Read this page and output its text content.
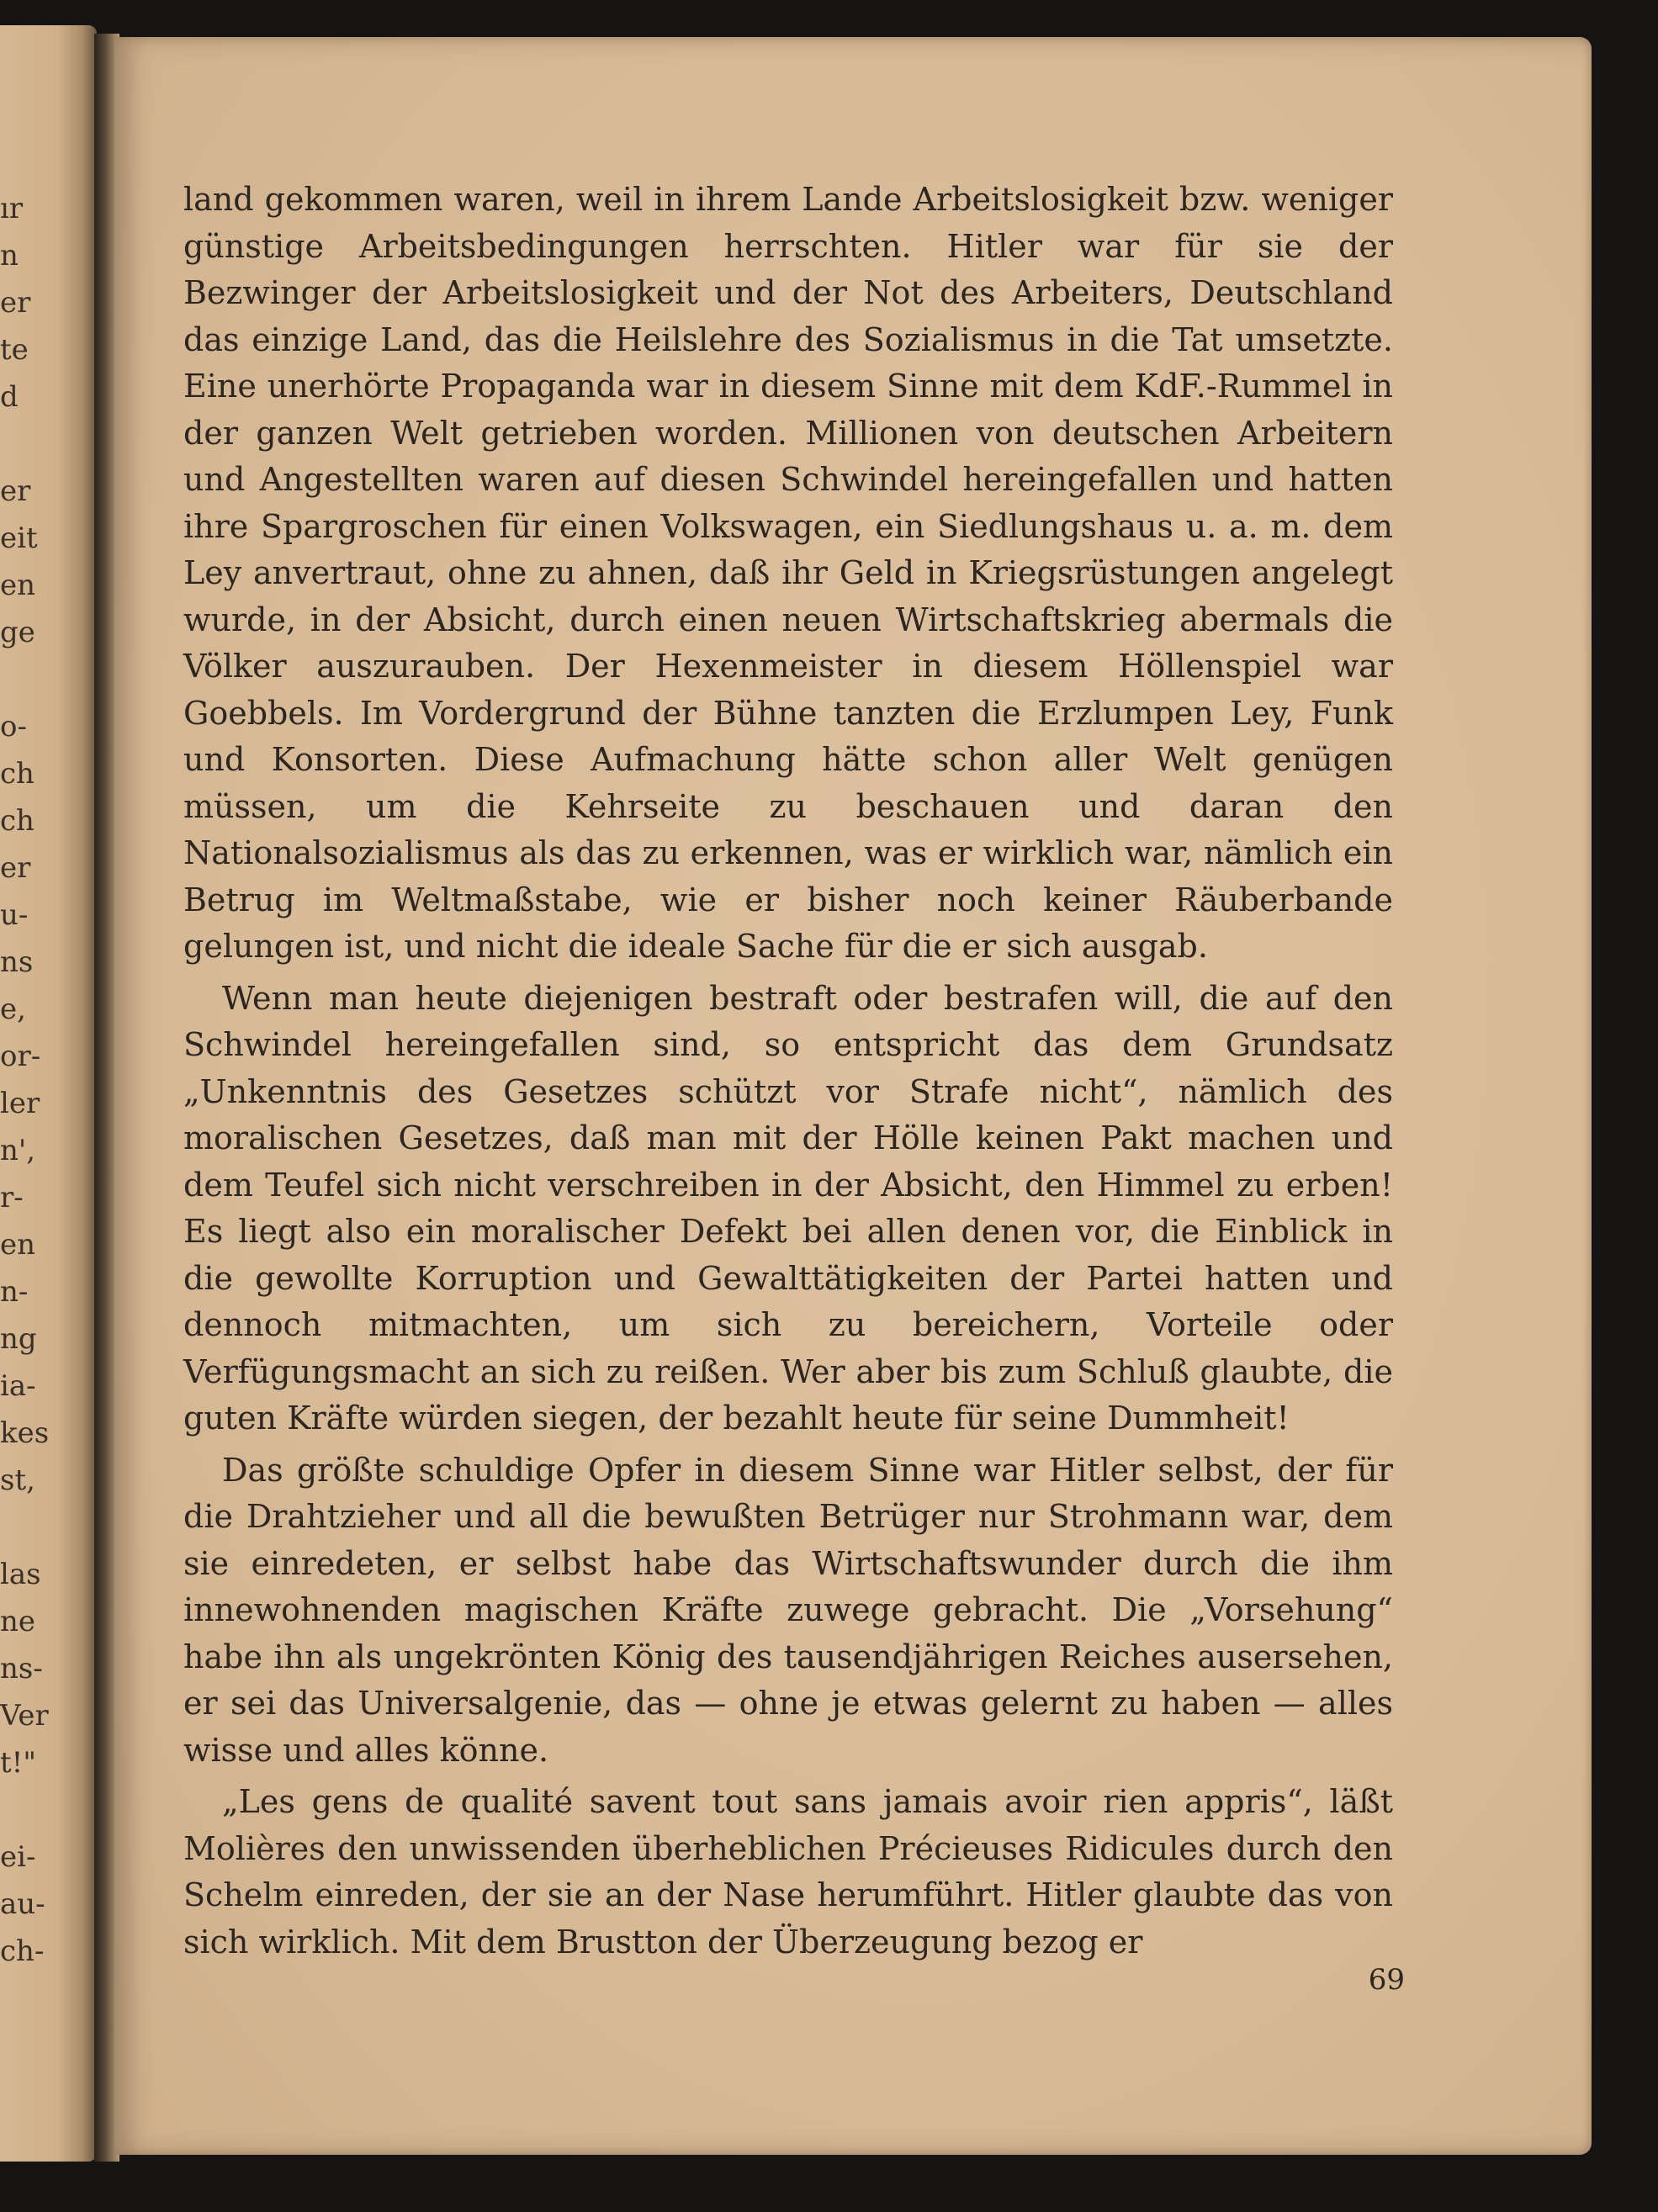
ır
n
er
te
d
er
eit
en
ge
o-
ch
ch
er
u-
ns
e,
or-
ler
n',
r-
en
n-
ng
ia-
kes
st,
las
ne
ns-
Ver
t!"
ei-
au-
ch-

land gekommen waren, weil in ihrem Lande Arbeitslosigkeit bzw. weniger günstige Arbeitsbedingungen herrschten. Hitler war für sie der Bezwinger der Arbeitslosigkeit und der Not des Arbeiters, Deutschland das einzige Land, das die Heilslehre des Sozialismus in die Tat umsetzte. Eine unerhörte Propaganda war in diesem Sinne mit dem KdF.-Rummel in der ganzen Welt getrieben worden. Millionen von deutschen Arbeitern und Angestellten waren auf diesen Schwindel hereingefallen und hatten ihre Spargroschen für einen Volkswagen, ein Siedlungshaus u. a. m. dem Ley anvertraut, ohne zu ahnen, daß ihr Geld in Kriegsrüstungen angelegt wurde, in der Absicht, durch einen neuen Wirtschaftskrieg abermals die Völker auszurauben. Der Hexenmeister in diesem Höllenspiel war Goebbels. Im Vordergrund der Bühne tanzten die Erzlumpen Ley, Funk und Konsorten. Diese Aufmachung hätte schon aller Welt genügen müssen, um die Kehrseite zu beschauen und daran den Nationalsozialismus als das zu erkennen, was er wirklich war, nämlich ein Betrug im Weltmaßstabe, wie er bisher noch keiner Räuberbande gelungen ist, und nicht die ideale Sache für die er sich ausgab.

Wenn man heute diejenigen bestraft oder bestrafen will, die auf den Schwindel hereingefallen sind, so entspricht das dem Grundsatz „Unkenntnis des Gesetzes schützt vor Strafe nicht“, nämlich des moralischen Gesetzes, daß man mit der Hölle keinen Pakt machen und dem Teufel sich nicht verschreiben in der Absicht, den Himmel zu erben! Es liegt also ein moralischer Defekt bei allen denen vor, die Einblick in die gewollte Korruption und Gewalttätigkeiten der Partei hatten und dennoch mitmachten, um sich zu bereichern, Vorteile oder Verfügungsmacht an sich zu reißen. Wer aber bis zum Schluß glaubte, die guten Kräfte würden siegen, der bezahlt heute für seine Dummheit!

Das größte schuldige Opfer in diesem Sinne war Hitler selbst, der für die Drahtzieher und all die bewußten Betrüger nur Strohmann war, dem sie einredeten, er selbst habe das Wirtschaftswunder durch die ihm innewohnenden magischen Kräfte zuwege gebracht. Die „Vorsehung“ habe ihn als ungekrönten König des tausendjährigen Reiches ausersehen, er sei das Universalgenie, das — ohne je etwas gelernt zu haben — alles wisse und alles könne.

„Les gens de qualité savent tout sans jamais avoir rien appris“, läßt Molières den unwissenden überheblichen Précieuses Ridicules durch den Schelm einreden, der sie an der Nase herumführt. Hitler glaubte das von sich wirklich. Mit dem Brustton der Überzeugung bezog er

69
